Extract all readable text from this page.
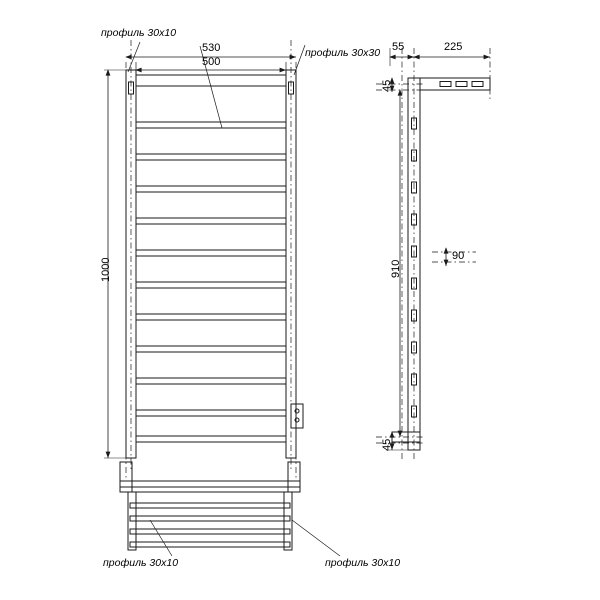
профиль 30x10
профиль 30x30
530
500
1000
55	225
45
910
90
45
профиль 30x10	профиль 30x10
